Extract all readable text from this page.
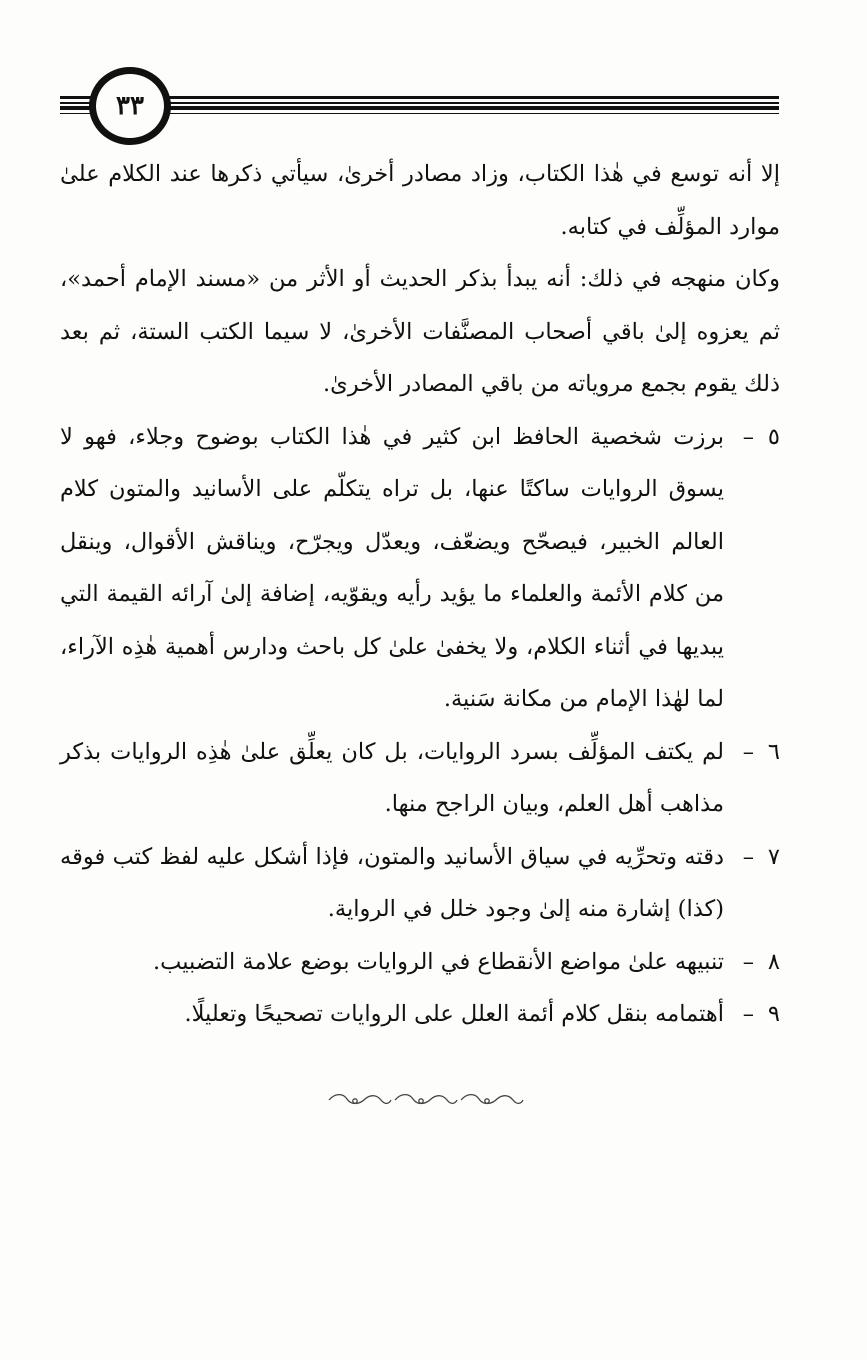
٣٣

إلا أنه توسع في هٰذا الكتاب، وزاد مصادر أخرىٰ، سيأتي ذكرها عند الكلام علىٰ موارد المؤلِّف في كتابه.

وكان منهجه في ذلك: أنه يبدأ بذكر الحديث أو الأثر من «مسند الإمام أحمد»، ثم يعزوه إلىٰ باقي أصحاب المصنَّفات الأخرىٰ، لا سيما الكتب الستة، ثم بعد ذلك يقوم بجمع مروياته من باقي المصادر الأخرىٰ.

٥
–
برزت شخصية الحافظ ابن كثير في هٰذا الكتاب بوضوح وجلاء، فهو لا يسوق الروايات ساكتًا عنها، بل تراه يتكلّم على الأسانيد والمتون كلام العالم الخبير، فيصحّح ويضعّف، ويعدّل ويجرّح، ويناقش الأقوال، وينقل من كلام الأئمة والعلماء ما يؤيد رأيه ويقوّيه، إضافة إلىٰ آرائه القيمة التي يبديها في أثناء الكلام، ولا يخفىٰ علىٰ كل باحث ودارس أهمية هٰذِه الآراء، لما لهٰذا الإمام من مكانة سَنية.
٦
–
لم يكتف المؤلِّف بسرد الروايات، بل كان يعلِّق علىٰ هٰذِه الروايات بذكر مذاهب أهل العلم، وبيان الراجح منها.
٧
–
دقته وتحرِّيه في سياق الأسانيد والمتون، فإذا أشكل عليه لفظ كتب فوقه (كذا) إشارة منه إلىٰ وجود خلل في الرواية.
٨
–
تنبيهه علىٰ مواضع الأنقطاع في الروايات بوضع علامة التضبيب.
٩
–
أهتمامه بنقل كلام أئمة العلل على الروايات تصحيحًا وتعليلًا.
